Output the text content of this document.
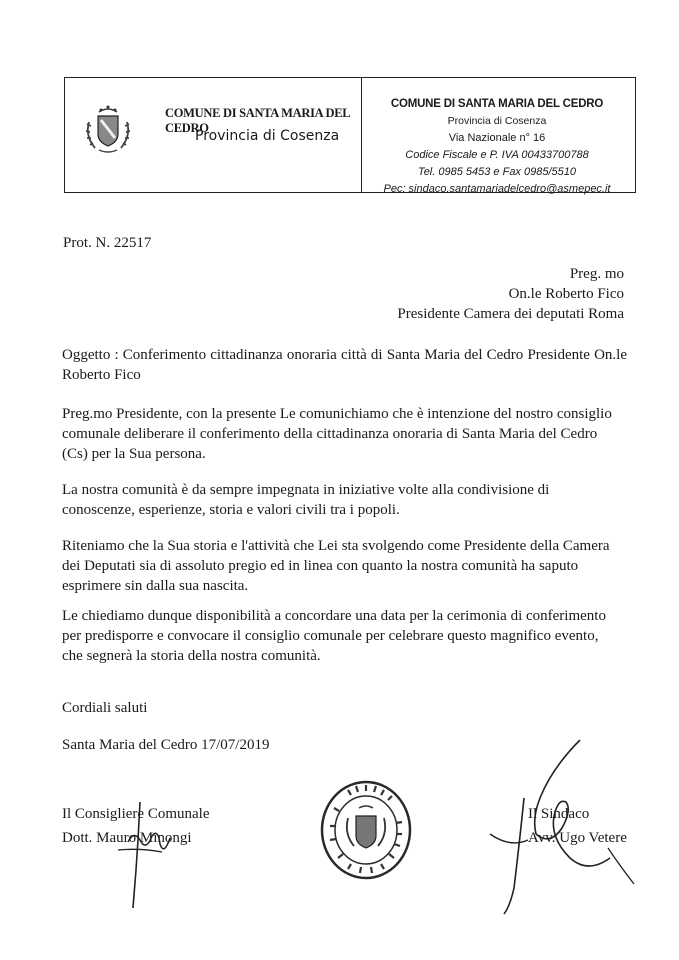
COMUNE DI SANTA MARIA DEL CEDRO
Provincia di Cosenza
COMUNE DI SANTA MARIA DEL CEDRO
Provincia di Cosenza
Via Nazionale n° 16
Codice Fiscale e P. IVA 00433700788
Tel. 0985 5453 e Fax 0985/5510
Pec: sindaco.santamariadelcedro@asmepec.it
Prot. N. 22517
Preg. mo
On.le Roberto Fico
Presidente Camera dei deputati Roma
Oggetto : Conferimento cittadinanza onoraria città di Santa Maria del Cedro Presidente On.le Roberto Fico
Preg.mo Presidente, con la presente Le comunichiamo che è intenzione del nostro consiglio comunale deliberare il conferimento della cittadinanza onoraria di Santa Maria del Cedro (Cs) per la Sua persona.
La nostra comunità è da sempre impegnata in iniziative volte alla condivisione di conoscenze, esperienze, storia e valori civili tra i popoli.
Riteniamo che la Sua storia e l'attività che Lei sta svolgendo come Presidente della Camera dei Deputati sia di assoluto pregio ed in linea con quanto la nostra comunità ha saputo esprimere sin dalla sua nascita.
Le chiediamo dunque disponibilità a concordare una data per la cerimonia di conferimento per predisporre e convocare il consiglio comunale per celebrare questo magnifico evento, che segnerà la storia della nostra comunità.
Cordiali saluti
Santa Maria del Cedro 17/07/2019
Il Consigliere Comunale
Dott. Mauro Minongi
Il Sindaco
Avv. Ugo Vetere
